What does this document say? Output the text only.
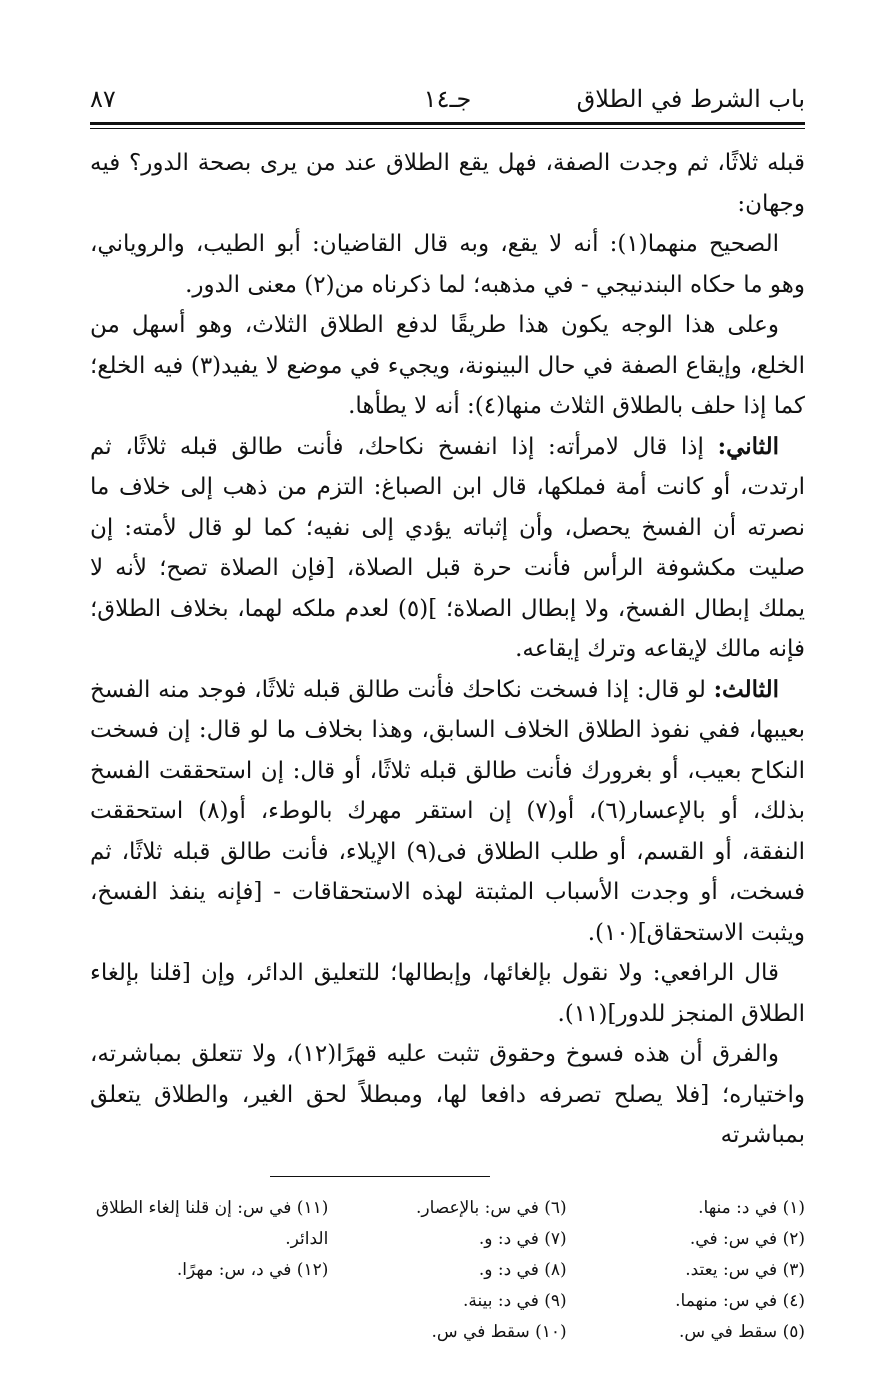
باب الشرط في الطلاق
جـ١٤
٨٧

قبله ثلاثًا، ثم وجدت الصفة، فهل يقع الطلاق عند من يرى بصحة الدور؟ فيه وجهان:

الصحيح منهما(١): أنه لا يقع، وبه قال القاضيان: أبو الطيب، والروياني، وهو ما حكاه البندنيجي - في مذهبه؛ لما ذكرناه من(٢) معنى الدور.

وعلى هذا الوجه يكون هذا طريقًا لدفع الطلاق الثلاث، وهو أسهل من الخلع، وإيقاع الصفة في حال البينونة، ويجيء في موضع لا يفيد(٣) فيه الخلع؛ كما إذا حلف بالطلاق الثلاث منها(٤): أنه لا يطأها.

الثاني: إذا قال لامرأته: إذا انفسخ نكاحك، فأنت طالق قبله ثلاثًا، ثم ارتدت، أو كانت أمة فملكها، قال ابن الصباغ: التزم من ذهب إلى خلاف ما نصرته أن الفسخ يحصل، وأن إثباته يؤدي إلى نفيه؛ كما لو قال لأمته: إن صليت مكشوفة الرأس فأنت حرة قبل الصلاة، [فإن الصلاة تصح؛ لأنه لا يملك إبطال الفسخ، ولا إبطال الصلاة؛ ](٥) لعدم ملكه لهما، بخلاف الطلاق؛ فإنه مالك لإيقاعه وترك إيقاعه.

الثالث: لو قال: إذا فسخت نكاحك فأنت طالق قبله ثلاثًا، فوجد منه الفسخ بعيبها، ففي نفوذ الطلاق الخلاف السابق، وهذا بخلاف ما لو قال: إن فسخت النكاح بعيب، أو بغرورك فأنت طالق قبله ثلاثًا، أو قال: إن استحققت الفسخ بذلك، أو بالإعسار(٦)، أو(٧) إن استقر مهرك بالوطء، أو(٨) استحققت النفقة، أو القسم، أو طلب الطلاق فى(٩) الإيلاء، فأنت طالق قبله ثلاثًا، ثم فسخت، أو وجدت الأسباب المثبتة لهذه الاستحقاقات - [فإنه ينفذ الفسخ، ويثبت الاستحقاق](١٠).

قال الرافعي: ولا نقول بإلغائها، وإبطالها؛ للتعليق الدائر، وإن [قلنا بإلغاء الطلاق المنجز للدور](١١).

والفرق أن هذه فسوخ وحقوق تثبت عليه قهرًا(١٢)، ولا تتعلق بمباشرته، واختياره؛ [فلا يصلح تصرفه دافعا لها، ومبطلاً لحق الغير، والطلاق يتعلق بمباشرته

(١) في د: منها.
(٢) في س: في.
(٣) في س: يعتد.
(٤) في س: منهما.
(٥) سقط في س.
(٦) في س: بالإعصار.
(٧) في د: و.
(٨) في د: و.
(٩) في د: بينة.
(١٠) سقط في س.
(١١) في س: إن قلنا إلغاء الطلاق الدائر.
(١٢) في د، س: مهرًا.
